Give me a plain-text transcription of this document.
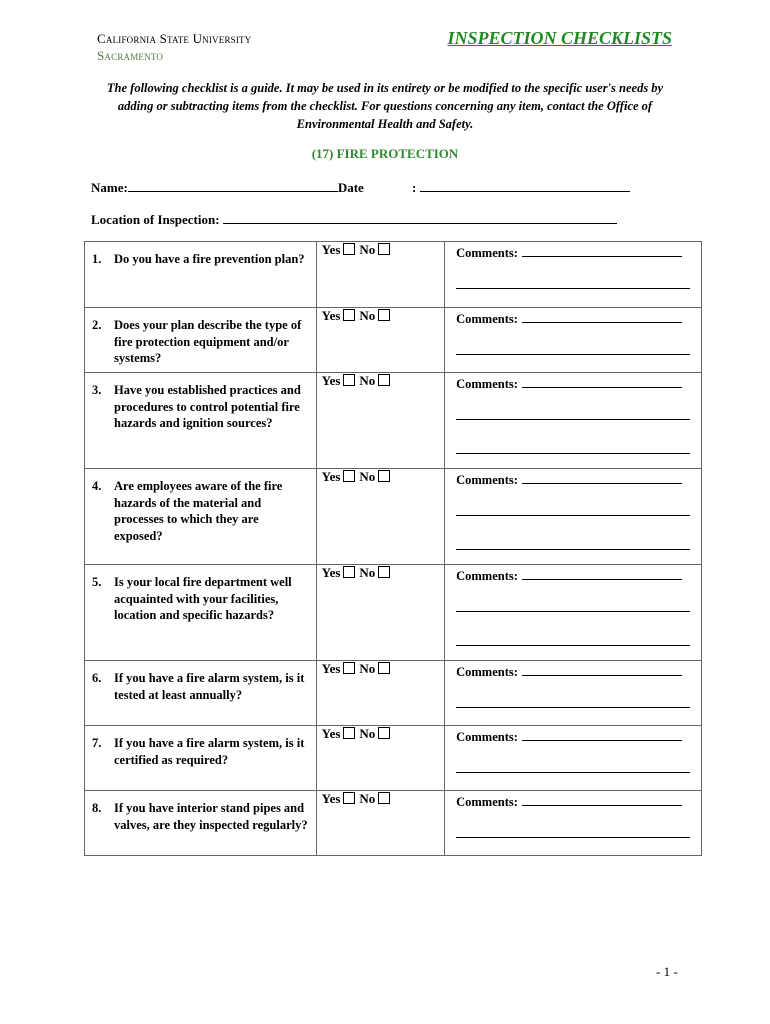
California State University
Sacramento
INSPECTION CHECKLISTS
The following checklist is a guide. It may be used in its entirety or be modified to the specific user's needs by adding or subtracting items from the checklist. For questions concerning any item, contact the Office of Environmental Health and Safety.
(17) FIRE PROTECTION
Name:	Date	:
Location of Inspection:
1. Do you have a fire prevention plan?	Yes No	Comments:

2. Does your plan describe the type of fire protection equipment and/or systems?	Yes No	Comments:

3. Have you established practices and procedures to control potential fire hazards and ignition sources?	Yes No	Comments:

4. Are employees aware of the fire hazards of the material and processes to which they are exposed?	Yes No	Comments:

5. Is your local fire department well acquainted with your facilities, location and specific hazards?	Yes No	Comments:

6. If you have a fire alarm system, is it tested at least annually?	Yes No	Comments:

7. If you have a fire alarm system, is it certified as required?	Yes No	Comments:

8. If you have interior stand pipes and valves, are they inspected regularly?	Yes No	Comments:
- 1 -
